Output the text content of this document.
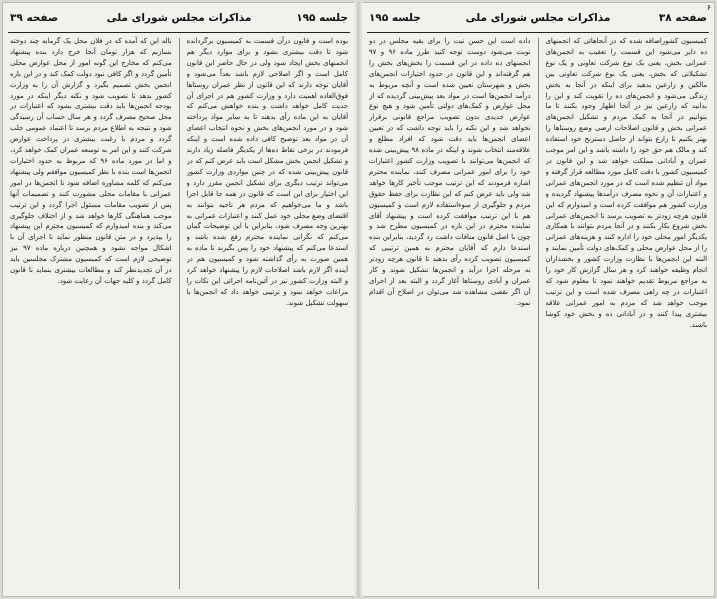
جلسه ۱۹۵
مذاکرات مجلس شورای ملی
صفحه ۳۹

بوده است و قانون درآن قسمت به کمیسیون برگردانده شود تا دقت بیشتری بشود و برای موارد دیگر هم انجمنهای بخش ایجاد شود ولی در حال حاضر این قانون کامل است و اگر اصلاحی لازم باشد بعداً می‌شود و آقایان توجه دارند که این قانون از نظر عمران روستاها فوق‌العاده اهمیت دارد و وزارت کشور هم در اجرای آن جدیت کامل خواهد داشت و بنده خواهش می‌کنم که آقایان به این ماده رأی بدهند تا به سایر مواد پرداخته شود و در مورد انجمن‌های بخش و نحوه انتخاب اعضای آن در مواد بعد توضیح کافی داده شده است و اینکه فرمودند در برخی نقاط ده‌ها از یکدیگر فاصله زیاد دارند و تشکیل انجمن بخش مشکل است باید عرض کنم که در قانون پیش‌بینی شده که در چنین مواردی وزارت کشور می‌تواند ترتیب دیگری برای تشکیل انجمن مقرر دارد و این اختیار برای این است که قانون در همه جا قابل اجرا باشد و ما می‌خواهیم که مردم هر ناحیه بتوانند به اقتضای وضع محلی خود عمل کنند و اعتبارات عمرانی به بهترین وجه مصرف شود، بنابراین با این توضیحات گمان می‌کنم که نگرانی نماینده محترم رفع شده باشد و استدعا می‌کنم که پیشنهاد خود را پس بگیرند تا ماده به همین صورت به رأی گذاشته شود و کمیسیون هم در آینده اگر لازم باشد اصلاحات لازم را پیشنهاد خواهد کرد و البته وزارت کشور نیز در آئین‌نامه اجرائی این نکات را مراعات خواهد نمود و ترتیبی خواهد داد که انجمن‌ها با سهولت تشکیل شوند.

ناله این که آمده که در فلان محل یک گرمابه چند دوخته بسازیم که هزار تومان آنجا خرج دارد بنده پیشنهاد می‌کنم که مخارج این گونه امور از محل عوارض محلی تأمین گردد و اگر کافی نبود دولت کمک کند و در این باره انجمن بخش تصمیم بگیرد و گزارش آن را به وزارت کشور بدهد تا تصویب شود و نکته دیگر اینکه در مورد بودجه انجمن‌ها باید دقت بیشتری بشود که اعتبارات در محل صحیح مصرف گردد و هر سال حساب آن رسیدگی شود و نتیجه به اطلاع مردم برسد تا اعتماد عمومی جلب گردد و مردم با رغبت بیشتری در پرداخت عوارض شرکت کنند و این امر به توسعه عمران کمک خواهد کرد، و اما در مورد ماده ۹۶ که مربوط به حدود اختیارات انجمن‌ها است بنده با نظر کمیسیون موافقم ولی پیشنهاد می‌کنم که کلمه مشاوره اضافه شود تا انجمن‌ها در امور عمرانی با مقامات محلی مشورت کنند و تصمیمات آنها پس از تصویب مقامات مسئول اجرا گردد و این ترتیب موجب هماهنگی کارها خواهد شد و از اختلاف جلوگیری می‌کند و بنده امیدوارم که کمیسیون محترم این پیشنهاد را بپذیرد و در متن قانون منظور نماید تا اجرای آن با اشکال مواجه نشود و همچنین درباره ماده ۹۷ نیز توضیحی لازم است که کمیسیون مشترک مجلسین باید در آن تجدیدنظر کند و مطالعات بیشتری بنماید تا قانون کامل گردد و کلیه جهات آن رعایت شود.

صفحه ۳۸
مذاکرات مجلس شورای ملی
جلسه ۱۹۵
۶

کمیسیون کشوراضافه شده که در آنجاهائی که انجمنهای ده دایر می‌شود این قسمت را تعقیب به انجمن‌های عمرانی بخش، یعنی یک نوع شرکت تعاونی و یک نوع تشکیلاتی که بخش، یعنی یک نوع شرکت تعاونی بین مالکین و زارعین بدهید برای اینکه در آنجا به بخش زندگی می‌شود و انجمن‌های ده را تقویت کند و این را بدانید که زارعین نیز در آنجا اظهار وجود بکنند تا ما بتوانیم در آنجا به کمک مردم و تشکیل انجمن‌های عمرانی بخش و قانون اصلاحات ارضی وضع روستاها را بهتر بکنیم تا زارع بتواند از حاصل دسترنج خود استفاده کند و مالک هم حق خود را داشته باشد و این امر موجب عمران و آبادانی مملکت خواهد شد و این قانون در کمیسیون کشور با دقت کامل مورد مطالعه قرار گرفته و مواد آن تنظیم شده است که در مورد انجمن‌های عمرانی و اعتبارات آن و نحوه مصرف درآمدها پیشنهاد گردیده و وزارت کشور هم موافقت کرده است و امیدوارم که این قانون هرچه زودتر به تصویب برسد تا انجمن‌های عمرانی بخش شروع بکار بکنند و در آنجا مردم بتوانند با همکاری یکدیگر امور محلی خود را اداره کنند و هزینه‌های عمرانی را از محل عوارض محلی و کمک‌های دولت تأمین نمایند و البته این انجمن‌ها با نظارت وزارت کشور و بخشداران انجام وظیفه خواهند کرد و هر سال گزارش کار خود را به مراجع مربوط تقدیم خواهند نمود تا معلوم شود که اعتبارات در چه راهی مصرف شده است و این ترتیب موجب خواهد شد که مردم به امور عمرانی علاقه بیشتری پیدا کنند و در آبادانی ده و بخش خود کوشا باشند.

داده است این حسن نیت را برای بقیه مجلس در دو نوبت می‌شود دوست توجه کنید طرز ماده ۹۶ و ۹۷ انجمنهای ده داده در این قسمت را بخش‌های بخش را هم گرفته‌اند و این قانون در حدود اختیارات انجمن‌های بخش و شهرستان تعیین شده است و آنچه مربوط به درآمد انجمن‌ها است در مواد بعد پیش‌بینی گردیده که از محل عوارض و کمک‌های دولتی تأمین شود و هیچ نوع عوارض جدیدی بدون تصویب مراجع قانونی برقرار نخواهد شد و این نکته را باید توجه داشت که در تعیین اعضای انجمن‌ها باید دقت شود که افراد مطلع و علاقه‌مند انتخاب شوند و اینکه در ماده ۹۸ پیش‌بینی شده که انجمن‌ها می‌توانند با تصویب وزارت کشور اعتبارات خود را برای امور عمرانی مصرف کنند، نماینده محترم اشاره فرمودند که این ترتیب موجب تأخیر کارها خواهد شد ولی باید عرض کنم که این نظارت برای حفظ حقوق مردم و جلوگیری از سوءاستفاده لازم است و کمیسیون هم با این ترتیب موافقت کرده است و پیشنهاد آقای نماینده محترم در این باره در کمیسیون مطرح شد و چون با اصل قانون منافات داشت رد گردید، بنابراین بنده استدعا دارم که آقایان محترم به همین ترتیبی که کمیسیون تصویب کرده رأی بدهند تا قانون هرچه زودتر به مرحله اجرا درآید و انجمن‌ها تشکیل شوند و کار عمران و آبادی روستاها آغاز گردد و البته بعد از اجرای آن اگر نقصی مشاهده شد می‌توان در اصلاح آن اقدام نمود.
